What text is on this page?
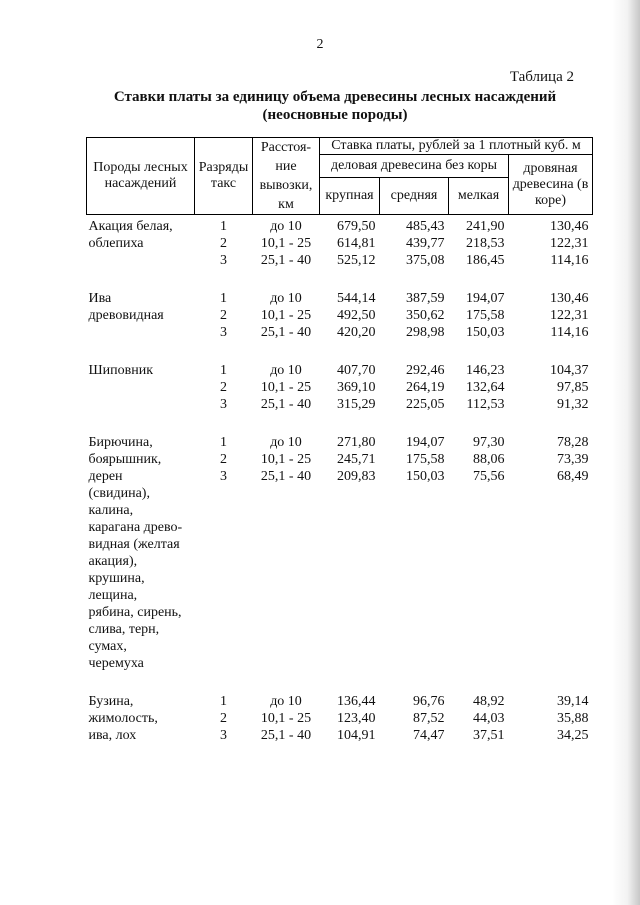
2
Таблица 2
Ставки платы за единицу объема древесины лесных насаждений
(неосновные породы)
Породы лесных насаждений	Разряды такс	Расстоя-ние вывозки, км	Ставка платы, рублей за 1 плотный куб. м			
			деловая древесина без коры			дровяная древесина (в коре)
			крупная	средняя	мелкая	
Акация белая,	1	до 10	679,50	485,43	241,90	130,46
облепиха	2	10,1 - 25	614,81	439,77	218,53	122,31
	3	25,1 - 40	525,12	375,08	186,45	114,16

Ива	1	до 10	544,14	387,59	194,07	130,46
древовидная	2	10,1 - 25	492,50	350,62	175,58	122,31
	3	25,1 - 40	420,20	298,98	150,03	114,16

Шиповник	1	до 10	407,70	292,46	146,23	104,37
	2	10,1 - 25	369,10	264,19	132,64	97,85
	3	25,1 - 40	315,29	225,05	112,53	91,32

Бирючина,	1	до 10	271,80	194,07	97,30	78,28
боярышник,	2	10,1 - 25	245,71	175,58	88,06	73,39
дерен	3	25,1 - 40	209,83	150,03	75,56	68,49
(свидина),						
калина,						
карагана древо-						
видная (желтая						
акация),						
крушина,						
лещина,						
рябина, сирень,						
слива, терн,						
сумах,						
черемуха						

Бузина,	1	до 10	136,44	96,76	48,92	39,14
жимолость,	2	10,1 - 25	123,40	87,52	44,03	35,88
ива, лох	3	25,1 - 40	104,91	74,47	37,51	34,25
